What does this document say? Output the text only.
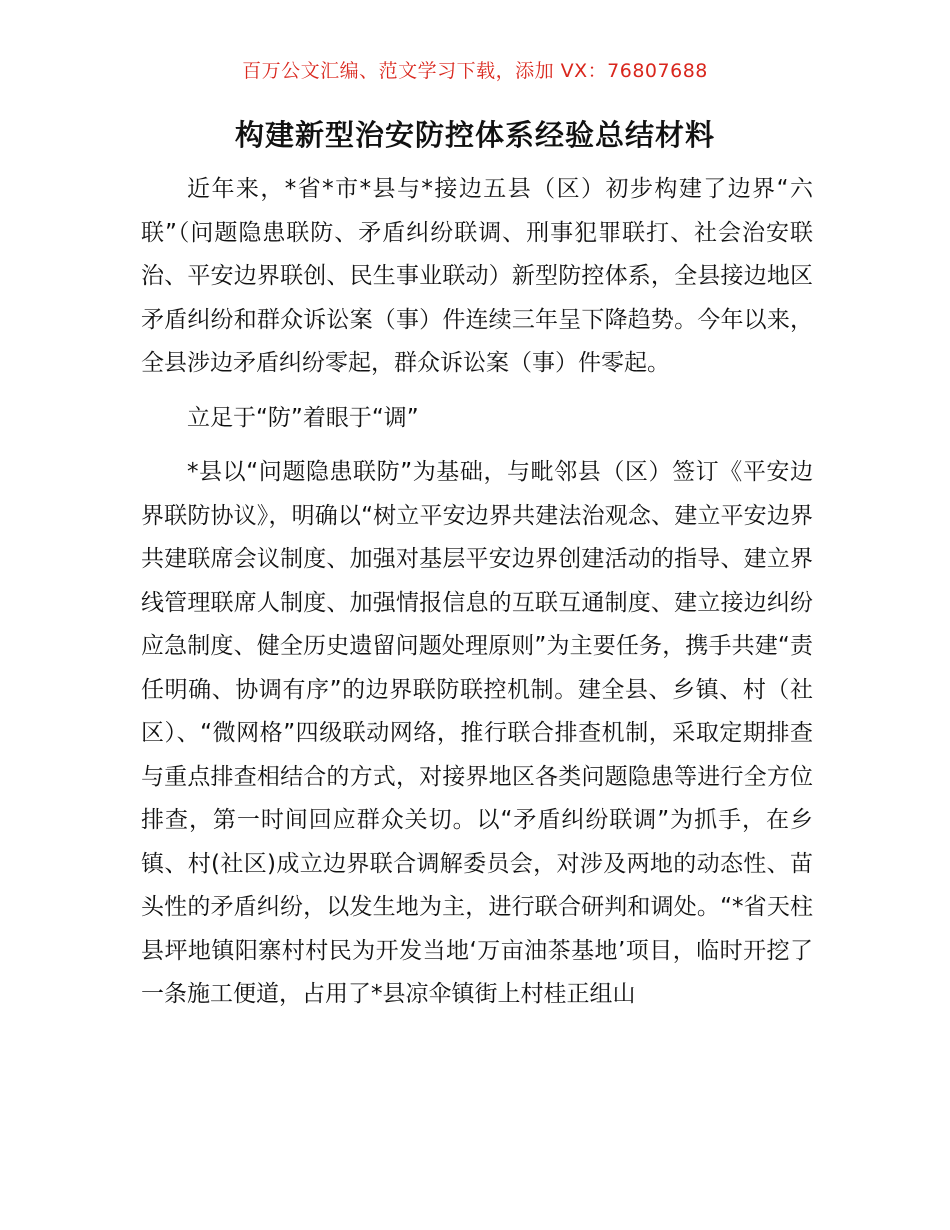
百万公文汇编、范文学习下载，添加 VX：76807688
构建新型治安防控体系经验总结材料

近年来，*省*市*县与*接边五县（区）初步构建了边界“六联”（问题隐患联防、矛盾纠纷联调、刑事犯罪联打、社会治安联治、平安边界联创、民生事业联动）新型防控体系，全县接边地区矛盾纠纷和群众诉讼案（事）件连续三年呈下降趋势。今年以来，全县涉边矛盾纠纷零起，群众诉讼案（事）件零起。

立足于“防”着眼于“调”

*县以“问题隐患联防”为基础，与毗邻县（区）签订《平安边界联防协议》，明确以“树立平安边界共建法治观念、建立平安边界共建联席会议制度、加强对基层平安边界创建活动的指导、建立界线管理联席人制度、加强情报信息的互联互通制度、建立接边纠纷应急制度、健全历史遗留问题处理原则”为主要任务，携手共建“责任明确、协调有序”的边界联防联控机制。建全县、乡镇、村（社区）、“微网格”四级联动网络，推行联合排查机制，采取定期排查与重点排查相结合的方式，对接界地区各类问题隐患等进行全方位排查，第一时间回应群众关切。以“矛盾纠纷联调”为抓手，在乡镇、村(社区)成立边界联合调解委员会，对涉及两地的动态性、苗头性的矛盾纠纷，以发生地为主，进行联合研判和调处。“*省天柱县坪地镇阳寨村村民为开发当地‘万亩油茶基地’项目，临时开挖了一条施工便道，占用了*县凉伞镇街上村桂正组山
